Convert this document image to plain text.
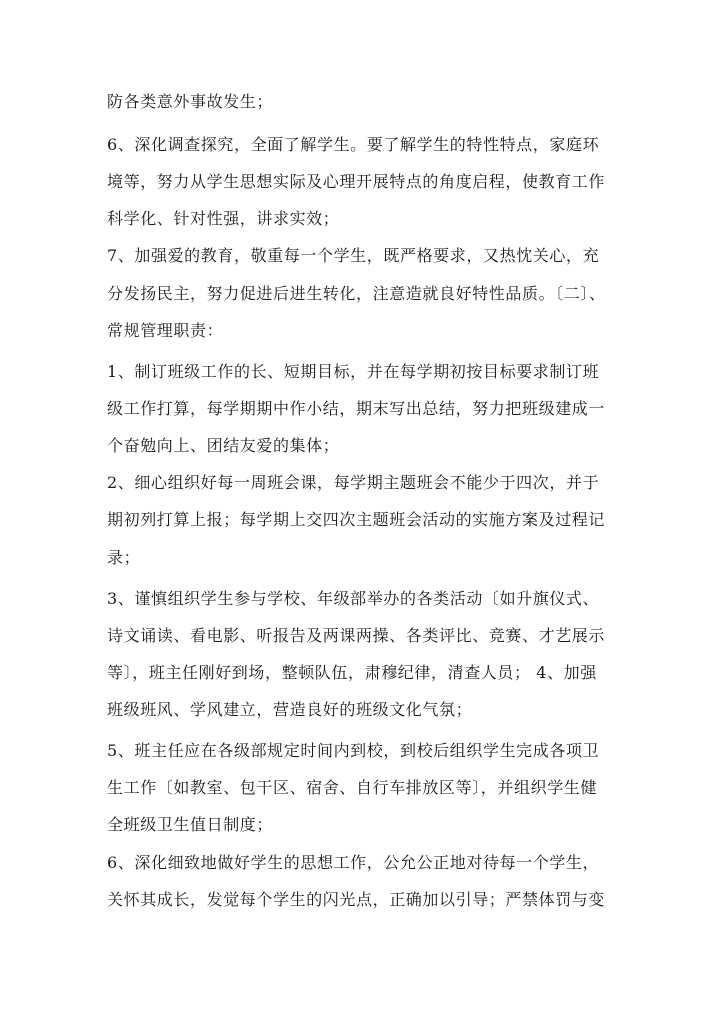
防各类意外事故发生；
6、深化调查探究，全面了解学生。要了解学生的特性特点，家庭环
境等，努力从学生思想实际及心理开展特点的角度启程，使教育工作
科学化、针对性强，讲求实效；
7、加强爱的教育，敬重每一个学生，既严格要求，又热忱关心，充
分发扬民主，努力促进后进生转化，注意造就良好特性品质。〔二〕、
常规管理职责：
1、制订班级工作的长、短期目标，并在每学期初按目标要求制订班
级工作打算，每学期期中作小结，期末写出总结，努力把班级建成一
个奋勉向上、团结友爱的集体；
2、细心组织好每一周班会课，每学期主题班会不能少于四次，并于
期初列打算上报；每学期上交四次主题班会活动的实施方案及过程记
录；
3、谨慎组织学生参与学校、年级部举办的各类活动〔如升旗仪式、
诗文诵读、看电影、听报告及两课两操、各类评比、竞赛、才艺展示
等〕，班主任刚好到场，整顿队伍，肃穆纪律，清查人员； 4、加强
班级班风、学风建立，营造良好的班级文化气氛；
5、班主任应在各级部规定时间内到校，到校后组织学生完成各项卫
生工作〔如教室、包干区、宿舍、自行车排放区等〕，并组织学生健
全班级卫生值日制度；
6、深化细致地做好学生的思想工作，公允公正地对待每一个学生，
关怀其成长，发觉每个学生的闪光点，正确加以引导；严禁体罚与变
